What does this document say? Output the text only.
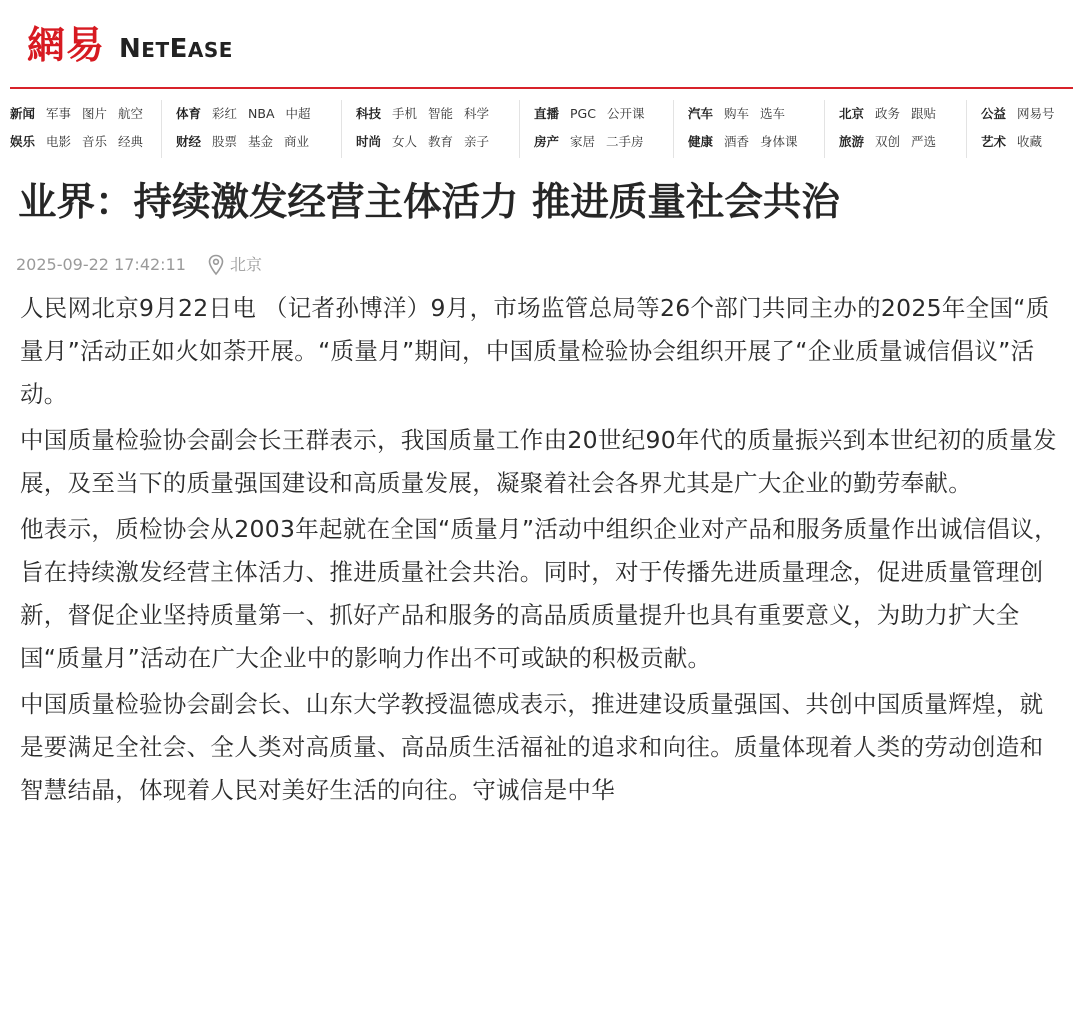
網易 NETEASE
新闻 军事 图片 航空
娱乐 电影 音乐 经典
体育 彩红 NBA 中超
财经 股票 基金 商业
科技 手机 智能 科学
时尚 女人 教育 亲子
直播 PGC 公开课
房产 家居 二手房
汽车 购车 选车
健康 酒香 身体课
北京 政务 跟贴
旅游 双创 严选
公益 网易号
艺术 收藏
业界：持续激发经营主体活力 推进质量社会共治
2025-09-22 17:42:11	北京

人民网北京9月22日电 （记者孙博洋）9月，市场监管总局等26个部门共同主办的2025年全国“质量月”活动正如火如荼开展。“质量月”期间，中国质量检验协会组织开展了“企业质量诚信倡议”活动。

中国质量检验协会副会长王群表示，我国质量工作由20世纪90年代的质量振兴到本世纪初的质量发展，及至当下的质量强国建设和高质量发展，凝聚着社会各界尤其是广大企业的勤劳奉献。

他表示，质检协会从2003年起就在全国“质量月”活动中组织企业对产品和服务质量作出诚信倡议，旨在持续激发经营主体活力、推进质量社会共治。同时，对于传播先进质量理念，促进质量管理创新，督促企业坚持质量第一、抓好产品和服务的高品质质量提升也具有重要意义，为助力扩大全国“质量月”活动在广大企业中的影响力作出不可或缺的积极贡献。

中国质量检验协会副会长、山东大学教授温德成表示，推进建设质量强国、共创中国质量辉煌，就是要满足全社会、全人类对高质量、高品质生活福祉的追求和向往。质量体现着人类的劳动创造和智慧结晶，体现着人民对美好生活的向往。守诚信是中华
